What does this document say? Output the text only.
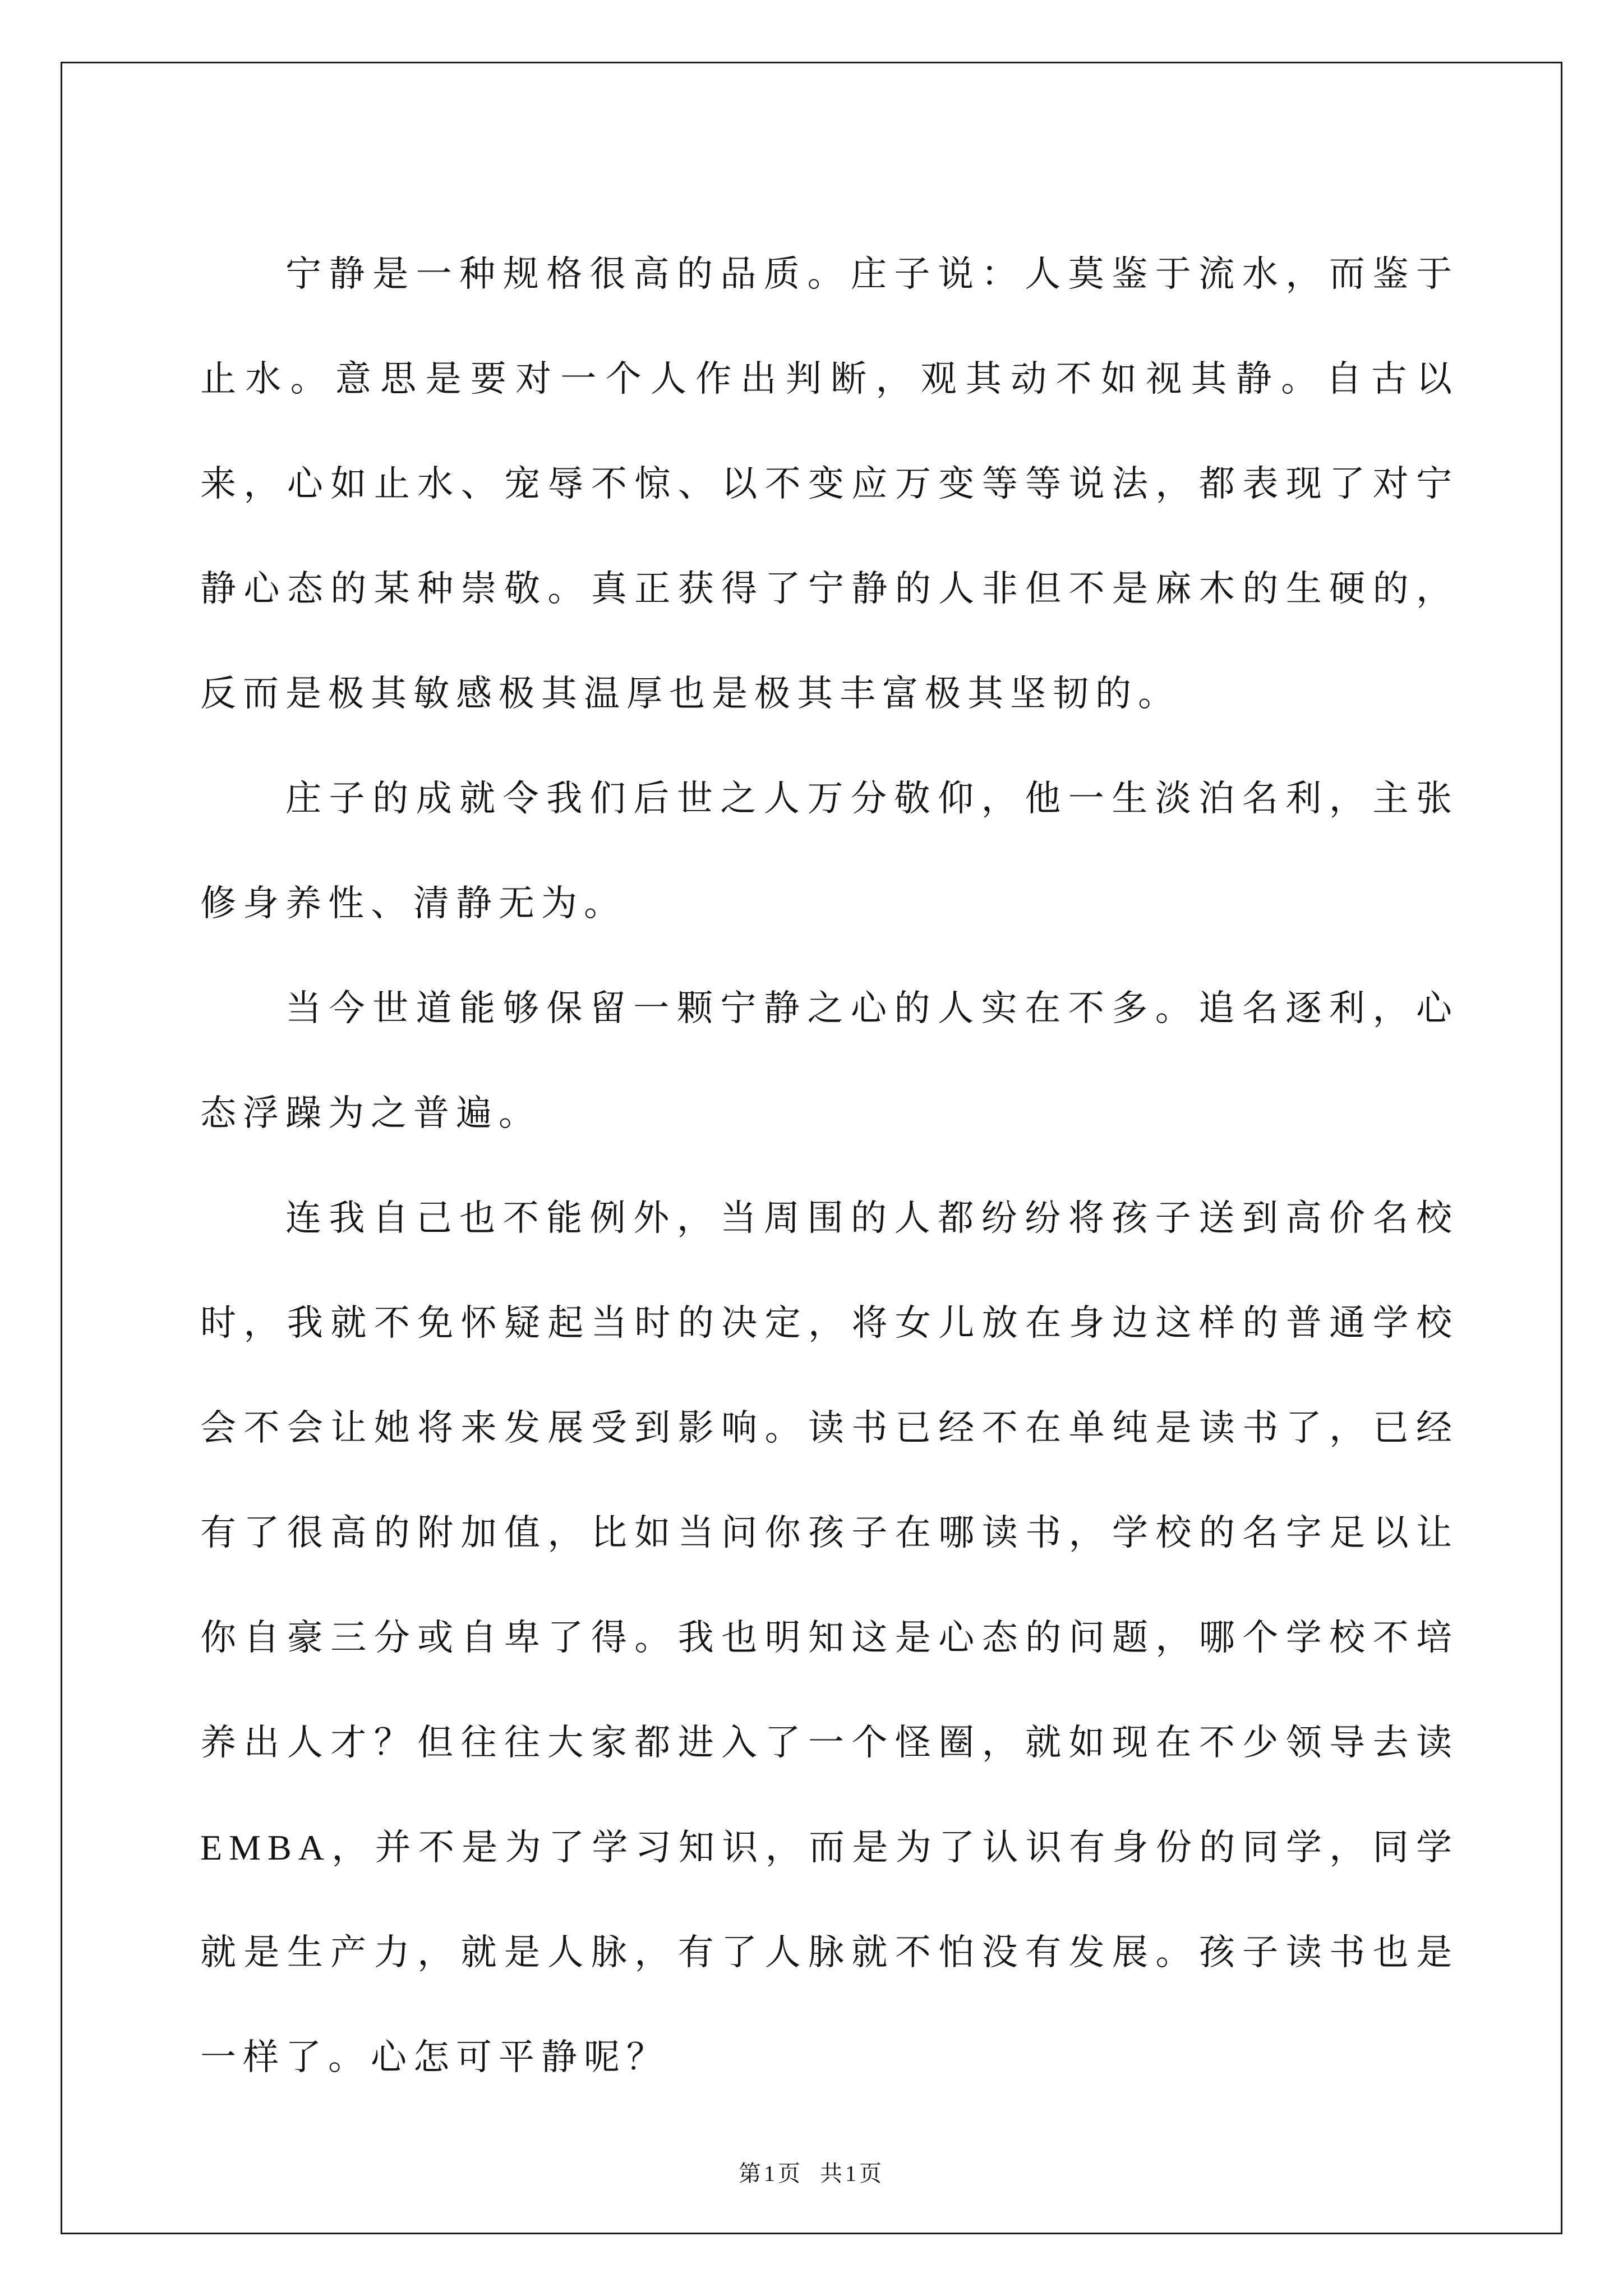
宁静是一种规格很高的品质。庄子说：人莫鉴于流水，而鉴于止水。意思是要对一个人作出判断，观其动不如视其静。自古以来，心如止水、宠辱不惊、以不变应万变等等说法，都表现了对宁静心态的某种崇敬。真正获得了宁静的人非但不是麻木的生硬的，反而是极其敏感极其温厚也是极其丰富极其坚韧的。

庄子的成就令我们后世之人万分敬仰，他一生淡泊名利，主张修身养性、清静无为。

当今世道能够保留一颗宁静之心的人实在不多。追名逐利，心态浮躁为之普遍。

连我自己也不能例外，当周围的人都纷纷将孩子送到高价名校时，我就不免怀疑起当时的决定，将女儿放在身边这样的普通学校会不会让她将来发展受到影响。读书已经不在单纯是读书了，已经有了很高的附加值，比如当问你孩子在哪读书，学校的名字足以让你自豪三分或自卑了得。我也明知这是心态的问题，哪个学校不培养出人才？但往往大家都进入了一个怪圈，就如现在不少领导去读EMBA，并不是为了学习知识，而是为了认识有身份的同学，同学就是生产力，就是人脉，有了人脉就不怕没有发展。孩子读书也是一样了。心怎可平静呢？

第1页  共1页
